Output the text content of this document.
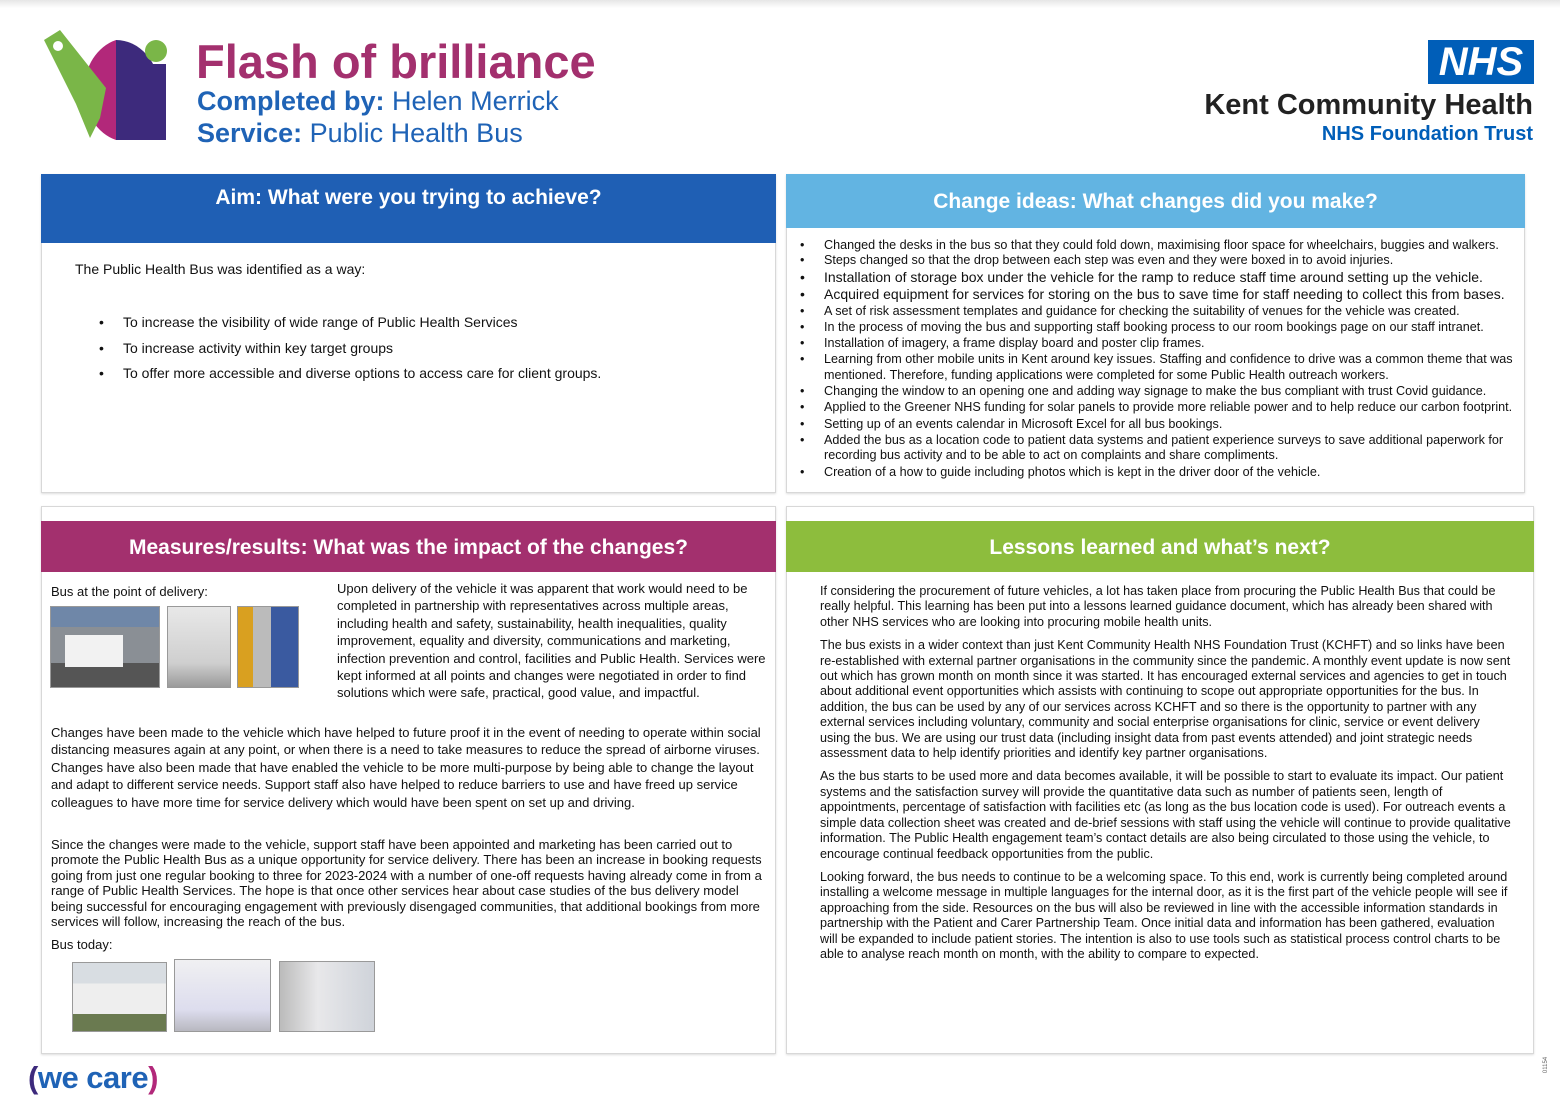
Flash of brilliance
Completed by: Helen Merrick
Service: Public Health Bus
NHS
Kent Community Health
NHS Foundation Trust
Aim: What were you trying to achieve?
The Public Health Bus was identified as a way:
• To increase the visibility of wide range of Public Health Services
• To increase activity within key target groups
• To offer more accessible and diverse options to access care for client groups.
Change ideas: What changes did you make?
• Changed the desks in the bus so that they could fold down, maximising floor space for wheelchairs, buggies and walkers.
• Steps changed so that the drop between each step was even and they were boxed in to avoid injuries.
• Installation of storage box under the vehicle for the ramp to reduce staff time around setting up the vehicle.
• Acquired equipment for services for storing on the bus to save time for staff needing to collect this from bases.
• A set of risk assessment templates and guidance for checking the suitability of venues for the vehicle was created.
• In the process of moving the bus and supporting staff booking process to our room bookings page on our staff intranet.
• Installation of imagery, a frame display board and poster clip frames.
• Learning from other mobile units in Kent around key issues. Staffing and confidence to drive was a common theme that was mentioned. Therefore, funding applications were completed for some Public Health outreach workers.
• Changing the window to an opening one and adding way signage to make the bus compliant with trust Covid guidance.
• Applied to the Greener NHS funding for solar panels to provide more reliable power and to help reduce our carbon footprint.
• Setting up of an events calendar in Microsoft Excel for all bus bookings.
• Added the bus as a location code to patient data systems and patient experience surveys to save additional paperwork for recording bus activity and to be able to act on complaints and share compliments.
• Creation of a how to guide including photos which is kept in the driver door of the vehicle.
Measures/results: What was the impact of the changes?
Bus at the point of delivery:	Upon delivery of the vehicle it was apparent that work would need to be completed in partnership with representatives across multiple areas, including health and safety, sustainability, health inequalities, quality improvement, equality and diversity, communications and marketing, infection prevention and control, facilities and Public Health. Services were kept informed at all points and changes were negotiated in order to find solutions which were safe, practical, good value, and impactful.
Changes have been made to the vehicle which have helped to future proof it in the event of needing to operate within social distancing measures again at any point, or when there is a need to take measures to reduce the spread of airborne viruses. Changes have also been made that have enabled the vehicle to be more multi-purpose by being able to change the layout and adapt to different service needs. Support staff also have helped to reduce barriers to use and have freed up service colleagues to have more time for service delivery which would have been spent on set up and driving.
Since the changes were made to the vehicle, support staff have been appointed and marketing has been carried out to promote the Public Health Bus as a unique opportunity for service delivery. There has been an increase in booking requests going from just one regular booking to three for 2023-2024 with a number of one-off requests having already come in from a range of Public Health Services. The hope is that once other services hear about case studies of the bus delivery model being successful for encouraging engagement with previously disengaged communities, that additional bookings from more services will follow, increasing the reach of the bus.
Bus today:
Lessons learned and what’s next?

If considering the procurement of future vehicles, a lot has taken place from procuring the Public Health Bus that could be really helpful. This learning has been put into a lessons learned guidance document, which has already been shared with other NHS services who are looking into procuring mobile health units.

The bus exists in a wider context than just Kent Community Health NHS Foundation Trust (KCHFT) and so links have been re-established with external partner organisations in the community since the pandemic. A monthly event update is now sent out which has grown month on month since it was started. It has encouraged external services and agencies to get in touch about additional event opportunities which assists with continuing to scope out appropriate opportunities for the bus. In addition, the bus can be used by any of our services across KCHFT and so there is the opportunity to partner with any external services including voluntary, community and social enterprise organisations for clinic, service or event delivery using the bus. We are using our trust data (including insight data from past events attended) and joint strategic needs assessment data to help identify priorities and identify key partner organisations.

As the bus starts to be used more and data becomes available, it will be possible to start to evaluate its impact. Our patient systems and the satisfaction survey will provide the quantitative data such as number of patients seen, length of appointments, percentage of satisfaction with facilities etc (as long as the bus location code is used). For outreach events a simple data collection sheet was created and de-brief sessions with staff using the vehicle will continue to provide qualitative information. The Public Health engagement team’s contact details are also being circulated to those using the vehicle, to encourage continual feedback opportunities from the public.

Looking forward, the bus needs to continue to be a welcoming space. To this end, work is currently being completed around installing a welcome message in multiple languages for the internal door, as it is the first part of the vehicle people will see if approaching from the side. Resources on the bus will also be reviewed in line with the accessible information standards in partnership with the Patient and Carer Partnership Team. Once initial data and information has been gathered, evaluation will be expanded to include patient stories. The intention is also to use tools such as statistical process control charts to be able to analyse reach month on month, with the ability to compare to expected.

(we care)	01154
